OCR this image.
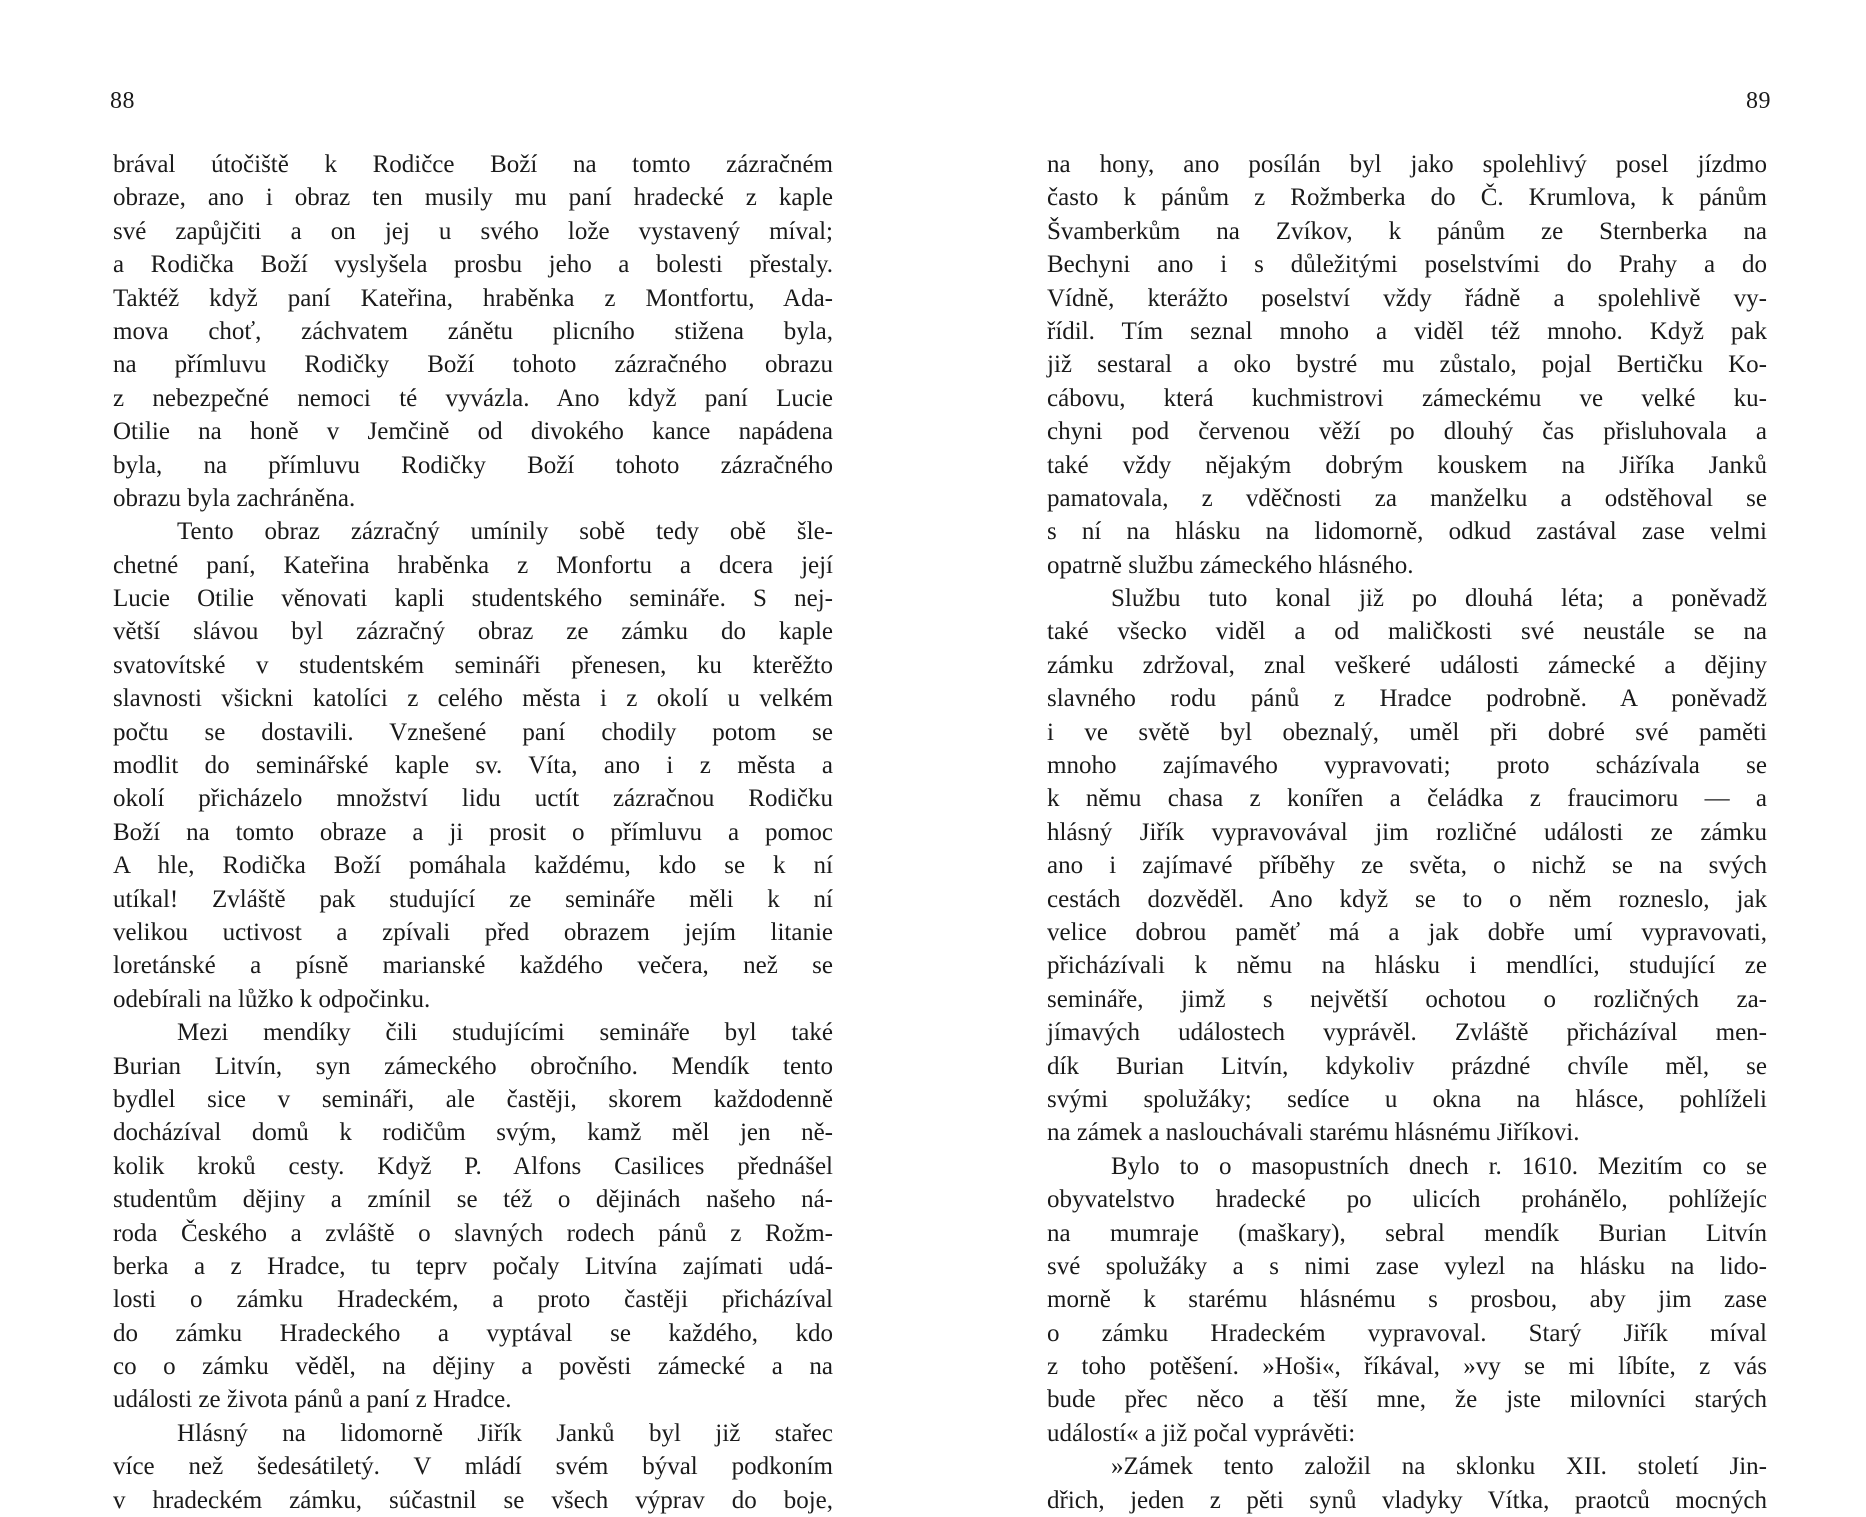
88
brával útočiště k Rodičce Boží na tomto zázračném
obraze, ano i obraz ten musily mu paní hradecké z kaple
své zapůjčiti a on jej u svého lože vystavený míval;
a Rodička Boží vyslyšela prosbu jeho a bolesti přestaly.
Taktéž když paní Kateřina, hraběnka z Montfortu, Ada-
mova choť, záchvatem zánětu plicního stižena byla,
na přímluvu Rodičky Boží tohoto zázračného obrazu
z nebezpečné nemoci té vyvázla. Ano když paní Lucie
Otilie na honě v Jemčině od divokého kance napádena
byla, na přímluvu Rodičky Boží tohoto zázračného
obrazu byla zachráněna.
Tento obraz zázračný umínily sobě tedy obě šle-
chetné paní, Kateřina hraběnka z Monfortu a dcera její
Lucie Otilie věnovati kapli studentského semináře. S nej-
větší slávou byl zázračný obraz ze zámku do kaple
svatovítské v studentském semináři přenesen, ku kterěžto
slavnosti všickni katolíci z celého města i z okolí u velkém
počtu se dostavili. Vznešené paní chodily potom se
modlit do seminářské kaple sv. Víta, ano i z města a
okolí přicházelo množství lidu uctít zázračnou Rodičku
Boží na tomto obraze a ji prosit o přímluvu a pomoc
A hle, Rodička Boží pomáhala každému, kdo se k ní
utíkal! Zvláště pak studující ze semináře měli k ní
velikou uctivost a zpívali před obrazem jejím litanie
loretánské a písně marianské každého večera, než se
odebírali na lůžko k odpočinku.
Mezi mendíky čili studujícími semináře byl také
Burian Litvín, syn zámeckého obročního. Mendík tento
bydlel sice v semináři, ale častěji, skorem každodenně
docházíval domů k rodičům svým, kamž měl jen ně-
kolik kroků cesty. Když P. Alfons Casilices přednášel
studentům dějiny a zmínil se též o dějinách našeho ná-
roda Českého a zvláště o slavných rodech pánů z Rožm-
berka a z Hradce, tu teprv počaly Litvína zajímati udá-
losti o zámku Hradeckém, a proto častěji přicházíval
do zámku Hradeckého a vyptával se každého, kdo
co o zámku věděl, na dějiny a pověsti zámecké a na
události ze života pánů a paní z Hradce.
Hlásný na lidomorně Jiřík Janků byl již stařec
více než šedesátiletý. V mládí svém býval podkoním
v hradeckém zámku, súčastnil se všech výprav do boje,
89
na hony, ano posílán byl jako spolehlivý posel jízdmo
často k pánům z Rožmberka do Č. Krumlova, k pánům
Švamberkům na Zvíkov, k pánům ze Sternberka na
Bechyni ano i s důležitými poselstvími do Prahy a do
Vídně, kterážto poselství vždy řádně a spolehlivě vy-
řídil. Tím seznal mnoho a viděl též mnoho. Když pak
již sestaral a oko bystré mu zůstalo, pojal Bertičku Ko-
cábovu, která kuchmistrovi zámeckému ve velké ku-
chyni pod červenou věží po dlouhý čas přisluhovala a
také vždy nějakým dobrým kouskem na Jiříka Janků
pamatovala, z vděčnosti za manželku a odstěhoval se
s ní na hlásku na lidomorně, odkud zastával zase velmi
opatrně službu zámeckého hlásného.
Službu tuto konal již po dlouhá léta; a poněvadž
také všecko viděl a od maličkosti své neustále se na
zámku zdržoval, znal veškeré události zámecké a dějiny
slavného rodu pánů z Hradce podrobně. A poněvadž
i ve světě byl obeznalý, uměl při dobré své paměti
mnoho zajímavého vypravovati; proto scházívala se
k němu chasa z konířen a čeládka z fraucimoru — a
hlásný Jiřík vypravovával jim rozličné události ze zámku
ano i zajímavé příběhy ze světa, o nichž se na svých
cestách dozvěděl. Ano když se to o něm rozneslo, jak
velice dobrou paměť má a jak dobře umí vypravovati,
přicházívali k němu na hlásku i mendlíci, studující ze
semináře, jimž s největší ochotou o rozličných za-
jímavých událostech vyprávěl. Zvláště přicházíval men-
dík Burian Litvín, kdykoliv prázdné chvíle měl, se
svými spolužáky; sedíce u okna na hlásce, pohlíželi
na zámek a naslouchávali starému hlásnému Jiříkovi.
Bylo to o masopustních dnech r. 1610. Mezitím co se
obyvatelstvo hradecké po ulicích prohánělo, pohlížejíc
na mumraje (maškary), sebral mendík Burian Litvín
své spolužáky a s nimi zase vylezl na hlásku na lido-
morně k starému hlásnému s prosbou, aby jim zase
o zámku Hradeckém vypravoval. Starý Jiřík míval
z toho potěšení. »Hoši«, říkával, »vy se mi líbíte, z vás
bude přec něco a těší mne, že jste milovníci starých
událostí« a již počal vyprávěti:
»Zámek tento založil na sklonku XII. století Jin-
dřich, jeden z pěti synů vladyky Vítka, praotců mocných
